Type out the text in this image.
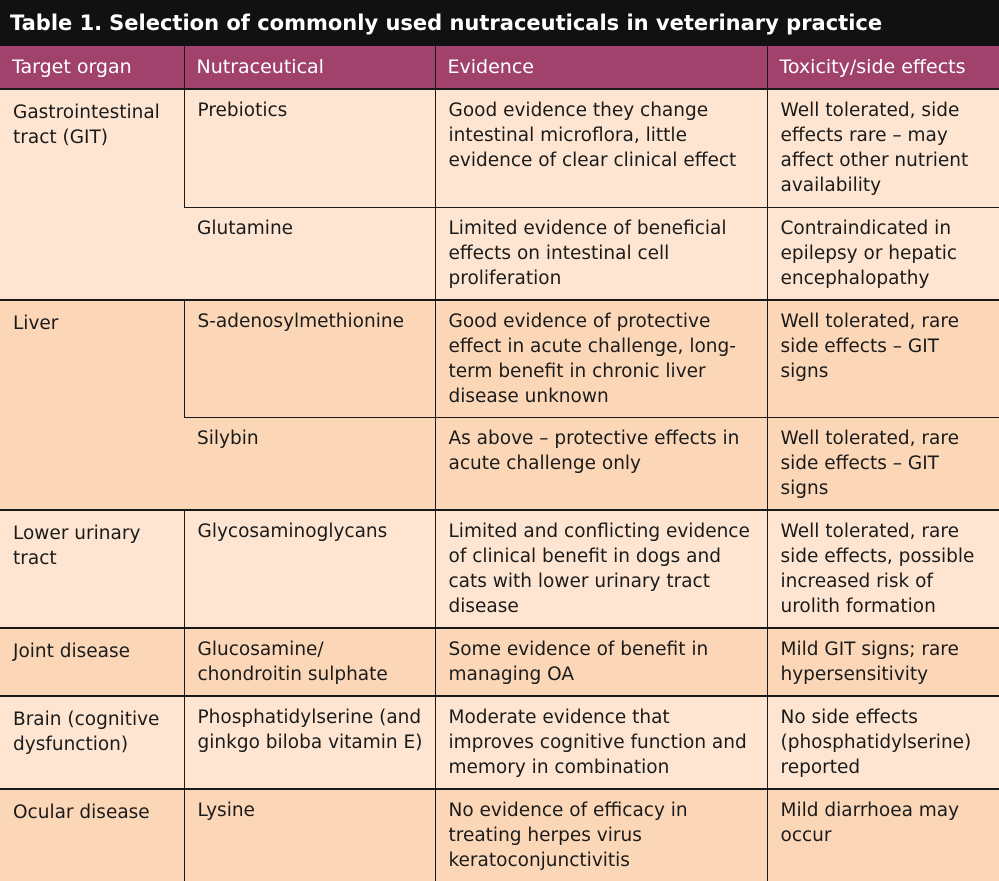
Table 1. Selection of commonly used nutraceuticals in veterinary practice
Target organ	Nutraceutical	Evidence	Toxicity/side effects

Gastrointestinal tract (GIT)	Prebiotics	Good evidence they change intestinal microflora, little evidence of clear clinical effect	Well tolerated, side effects rare – may affect other nutrient availability

	Glutamine	Limited evidence of beneficial effects on intestinal cell proliferation	Contraindicated in epilepsy or hepatic encephalopathy

Liver	S-adenosylmethionine	Good evidence of protective effect in acute challenge, long-term benefit in chronic liver disease unknown	Well tolerated, rare side effects – GIT signs

	Silybin	As above – protective effects in acute challenge only	Well tolerated, rare side effects – GIT signs

Lower urinary tract	Glycosaminoglycans	Limited and conflicting evidence of clinical benefit in dogs and cats with lower urinary tract disease	Well tolerated, rare side effects, possible increased risk of urolith formation

Joint disease	Glucosamine/ chondroitin sulphate	Some evidence of benefit in managing OA	Mild GIT signs; rare hypersensitivity

Brain (cognitive dysfunction)	Phosphatidylserine (and ginkgo biloba vitamin E)	Moderate evidence that improves cognitive function and memory in combination	No side effects (phosphatidylserine) reported

Ocular disease	Lysine	No evidence of efficacy in treating herpes virus keratoconjunctivitis	Mild diarrhoea may occur
